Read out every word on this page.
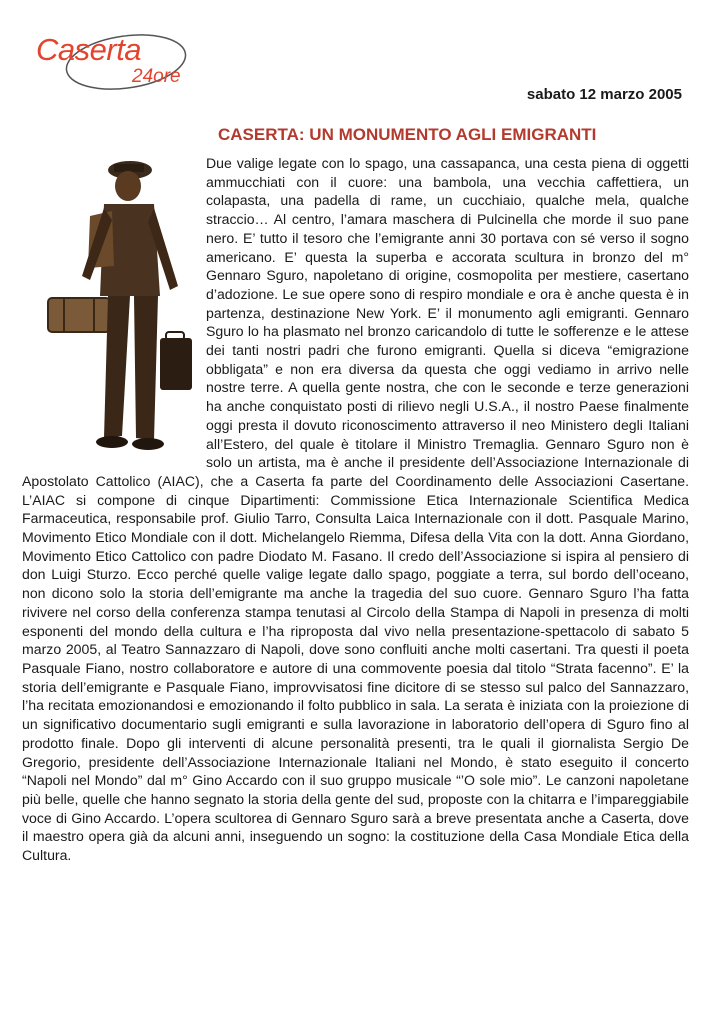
Caserta
24ore
sabato 12 marzo 2005
CASERTA: UN MONUMENTO AGLI EMIGRANTI

Due valige legate con lo spago, una cassapanca, una cesta piena di oggetti ammucchiati con il cuore: una bambola, una vecchia caffettiera, un colapasta, una padella di rame, un cucchiaio, qualche mela, qualche straccio… Al centro, l’amara maschera di Pulcinella che morde il suo pane nero. E’ tutto il tesoro che l’emigrante anni 30 portava con sé verso il sogno americano. E’ questa la superba e accorata scultura in bronzo del m° Gennaro Sguro, napoletano di origine, cosmopolita per mestiere, casertano d’adozione. Le sue opere sono di respiro mondiale e ora è anche questa è in partenza, destinazione New York. E’ il monumento agli emigranti. Gennaro Sguro lo ha plasmato nel bronzo caricandolo di tutte le sofferenze e le attese dei tanti nostri padri che furono emigranti. Quella si diceva “emigrazione obbligata” e non era diversa da questa che oggi vediamo in arrivo nelle nostre terre. A quella gente nostra, che con le seconde e terze generazioni ha anche conquistato posti di rilievo negli U.S.A., il nostro Paese finalmente oggi presta il dovuto riconoscimento attraverso il neo Ministero degli Italiani all’Estero, del quale è titolare il Ministro Tremaglia. Gennaro Sguro non è solo un artista, ma è anche il presidente dell’Associazione Internazionale di Apostolato Cattolico (AIAC), che a Caserta fa parte del Coordinamento delle Associazioni Casertane. L’AIAC si compone di cinque Dipartimenti: Commissione Etica Internazionale Scientifica Medica Farmaceutica, responsabile prof. Giulio Tarro, Consulta Laica Internazionale con il dott. Pasquale Marino, Movimento Etico Mondiale con il dott. Michelangelo Riemma, Difesa della Vita con la dott. Anna Giordano, Movimento Etico Cattolico con padre Diodato M. Fasano. Il credo dell’Associazione si ispira al pensiero di don Luigi Sturzo. Ecco perché quelle valige legate dallo spago, poggiate a terra, sul bordo dell’oceano, non dicono solo la storia dell’emigrante ma anche la tragedia del suo cuore. Gennaro Sguro l’ha fatta rivivere nel corso della conferenza stampa tenutasi al Circolo della Stampa di Napoli in presenza di molti esponenti del mondo della cultura e l’ha riproposta dal vivo nella presentazione-spettacolo di sabato 5 marzo 2005, al Teatro Sannazzaro di Napoli, dove sono confluiti anche molti casertani. Tra questi il poeta Pasquale Fiano, nostro collaboratore e autore di una commovente poesia dal titolo “Strata facenno”. E’ la storia dell’emigrante e Pasquale Fiano, improvvisatosi fine dicitore di se stesso sul palco del Sannazzaro, l’ha recitata emozionandosi e emozionando il folto pubblico in sala. La serata è iniziata con la proiezione di un significativo documentario sugli emigranti e sulla lavorazione in laboratorio dell’opera di Sguro fino al prodotto finale. Dopo gli interventi di alcune personalità presenti, tra le quali il giornalista Sergio De Gregorio, presidente dell’Associazione Internazionale Italiani nel Mondo, è stato eseguito il concerto “Napoli nel Mondo” dal m° Gino Accardo con il suo gruppo musicale “’O sole mio”. Le canzoni napoletane più belle, quelle che hanno segnato la storia della gente del sud, proposte con la chitarra e l’impareggiabile voce di Gino Accardo. L’opera scultorea di Gennaro Sguro sarà a breve presentata anche a Caserta, dove il maestro opera già da alcuni anni, inseguendo un sogno: la costituzione della Casa Mondiale Etica della Cultura.
